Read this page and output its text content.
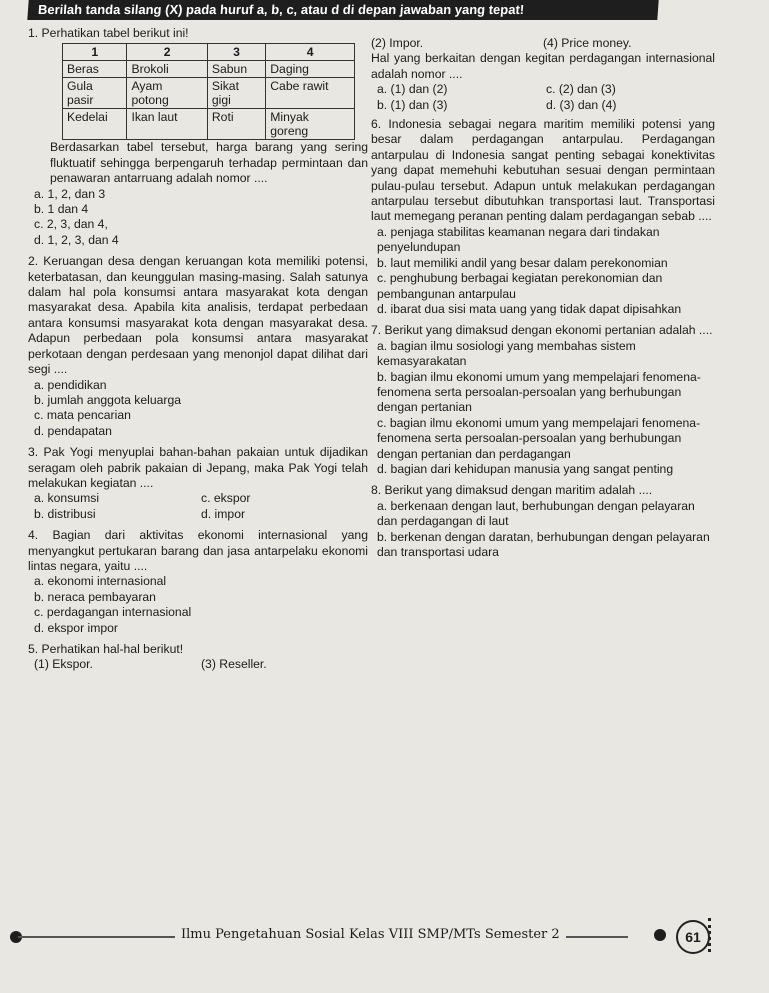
Berilah tanda silang (X) pada huruf a, b, c, atau d di depan jawaban yang tepat!
1. Perhatikan tabel berikut ini!
1	2	3	4
Beras	Brokoli	Sabun	Daging
Gula pasir	Ayam potong	Sikat gigi	Cabe rawit
Kedelai	Ikan laut	Roti	Minyak goreng
Berdasarkan tabel tersebut, harga barang yang sering fluktuatif sehingga berpengaruh terhadap permintaan dan penawaran antarruang adalah nomor ....
a. 1, 2, dan 3
b. 1 dan 4
c. 2, 3, dan 4,
d. 1, 2, 3, dan 4
2. Keruangan desa dengan keruangan kota memiliki potensi, keterbatasan, dan keunggulan masing-masing. Salah satunya dalam hal pola konsumsi antara masyarakat kota dengan masyarakat desa. Apabila kita analisis, terdapat perbedaan antara konsumsi masyarakat kota dengan masyarakat desa. Adapun perbedaan pola konsumsi antara masyarakat perkotaan dengan perdesaan yang menonjol dapat dilihat dari segi ....
a. pendidikan
b. jumlah anggota keluarga
c. mata pencarian
d. pendapatan
3. Pak Yogi menyuplai bahan-bahan pakaian untuk dijadikan seragam oleh pabrik pakaian di Jepang, maka Pak Yogi telah melakukan kegiatan ....
a. konsumsi	c. ekspor
b. distribusi	d. impor
4. Bagian dari aktivitas ekonomi internasional yang menyangkut pertukaran barang dan jasa antarpelaku ekonomi lintas negara, yaitu ....
a. ekonomi internasional
b. neraca pembayaran
c. perdagangan internasional
d. ekspor impor
5. Perhatikan hal-hal berikut!
(1) Ekspor.	(3) Reseller.
(2) Impor.	(4) Price money.
Hal yang berkaitan dengan kegitan perdagangan internasional adalah nomor ....
a. (1) dan (2)	c. (2) dan (3)
b. (1) dan (3)	d. (3) dan (4)
6. Indonesia sebagai negara maritim memiliki potensi yang besar dalam perdagangan antarpulau. Perdagangan antarpulau di Indonesia sangat penting sebagai konektivitas yang dapat memehuhi kebutuhan sesuai dengan permintaan pulau-pulau tersebut. Adapun untuk melakukan perdagangan antarpulau tersebut dibutuhkan transportasi laut. Transportasi laut memegang peranan penting dalam perdagangan sebab ....
a. penjaga stabilitas keamanan negara dari tindakan penyelundupan
b. laut memiliki andil yang besar dalam perekonomian
c. penghubung berbagai kegiatan perekonomian dan pembangunan antarpulau
d. ibarat dua sisi mata uang yang tidak dapat dipisahkan
7. Berikut yang dimaksud dengan ekonomi pertanian adalah ....
a. bagian ilmu sosiologi yang membahas sistem kemasyarakatan
b. bagian ilmu ekonomi umum yang mempelajari fenomena-fenomena serta persoalan-persoalan yang berhubungan dengan pertanian
c. bagian ilmu ekonomi umum yang mempelajari fenomena-fenomena serta persoalan-persoalan yang berhubungan dengan pertanian dan perdagangan
d. bagian dari kehidupan manusia yang sangat penting
8. Berikut yang dimaksud dengan maritim adalah ....
a. berkenaan dengan laut, berhubungan dengan pelayaran dan perdagangan di laut
b. berkenan dengan daratan, berhubungan dengan pelayaran dan transportasi udara
Ilmu Pengetahuan Sosial Kelas VIII SMP/MTs Semester 2	61
